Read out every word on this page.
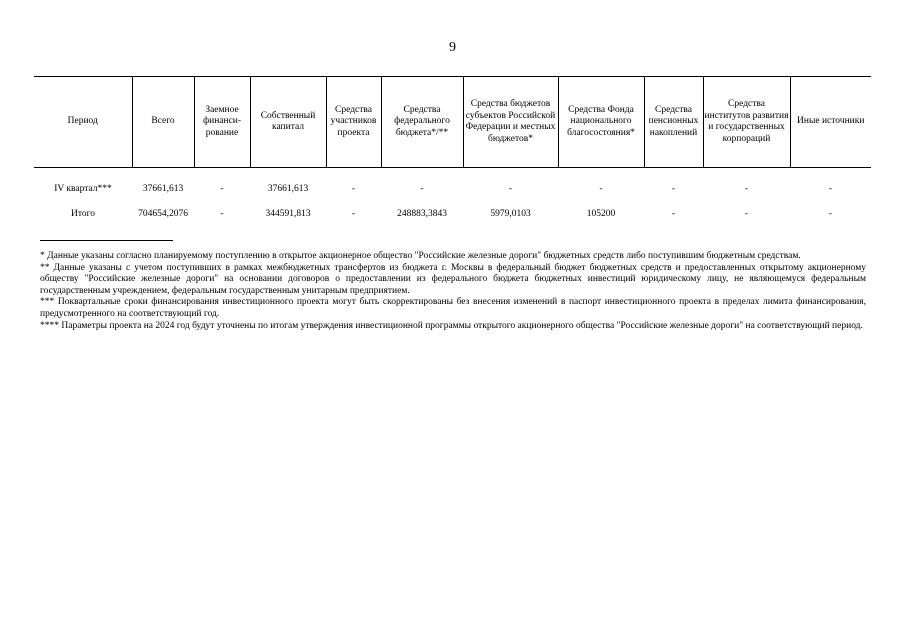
9
Период	Всего	Заемное финанси-рование	Собственный капитал	Средства участников проекта	Средства федерального бюджета*/**	Средства бюджетов субъектов Российской Федерации и местных бюджетов*	Средства Фонда национального благосостояния*	Средства пенсионных накоплений	Средства институтов развития и государственных корпораций	Иные источники

IV квартал***	37661,613	-	37661,613	-	-	-	-	-	-	-
Итого	704654,2076	-	344591,813	-	248883,3843	5979,0103	105200	-	-	-

* Данные указаны согласно планируемому поступлению в открытое акционерное общество "Российские железные дороги" бюджетных средств либо поступившим бюджетным средствам.

** Данные указаны с учетом поступивших в рамках межбюджетных трансфертов из бюджета г. Москвы в федеральный бюджет бюджетных средств и предоставленных открытому акционерному обществу "Российские железные дороги" на основании договоров о предоставлении из федерального бюджета бюджетных инвестиций юридическому лицу, не являющемуся федеральным государственным учреждением, федеральным государственным унитарным предприятием.

*** Поквартальные сроки финансирования инвестиционного проекта могут быть скорректированы без внесения изменений в паспорт инвестиционного проекта в пределах лимита финансирования, предусмотренного на соответствующий год.

**** Параметры проекта на 2024 год будут уточнены по итогам утверждения инвестиционной программы открытого акционерного общества "Российские железные дороги" на соответствующий период.
